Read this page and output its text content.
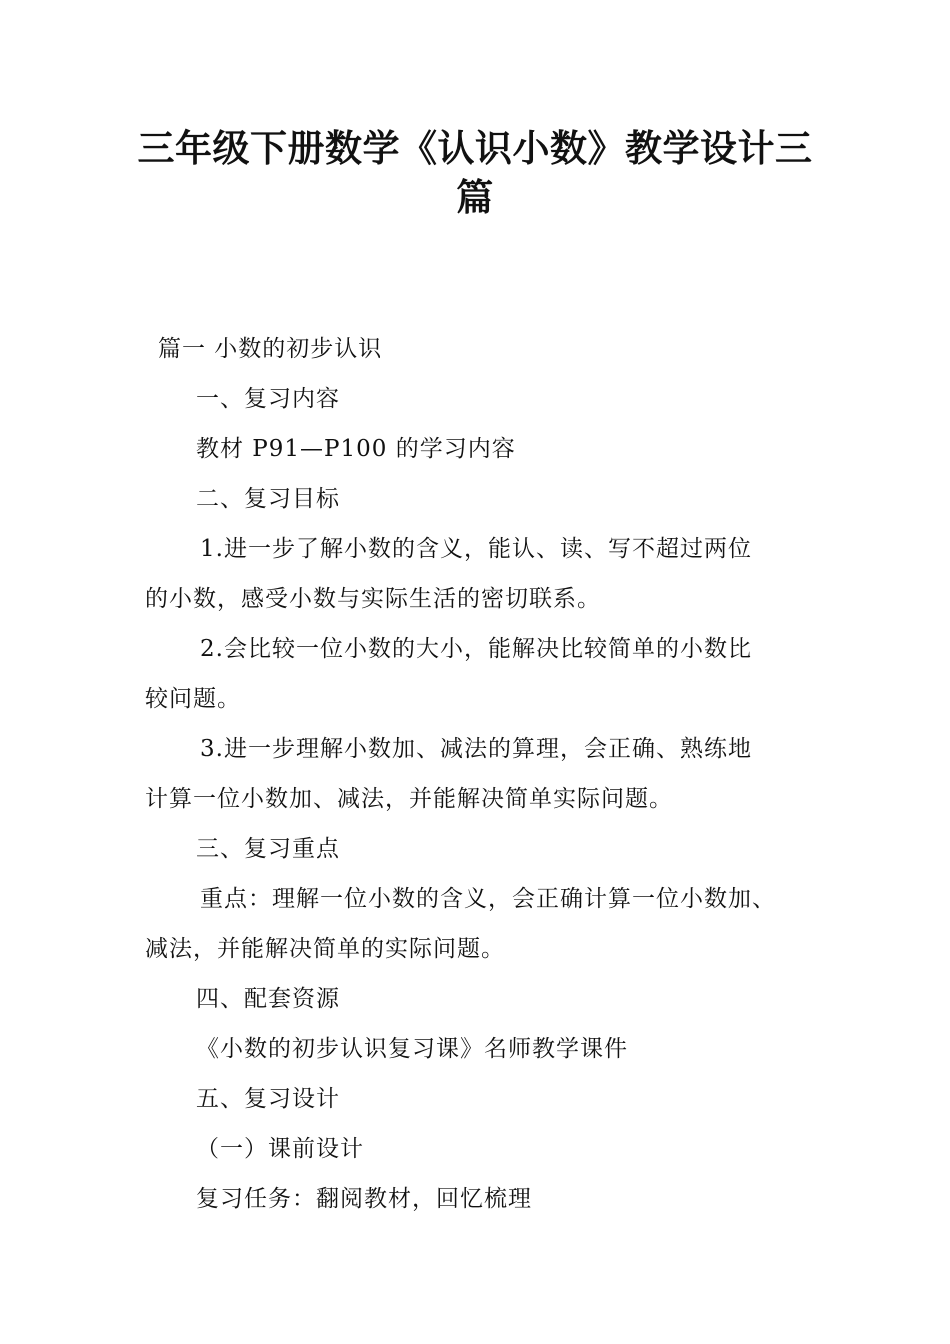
三年级下册数学《认识小数》教学设计三
篇

篇一 小数的初步认识

一、复习内容

教材 P91—P100 的学习内容

二、复习目标

1.进一步了解小数的含义，能认、读、写不超过两位

的小数，感受小数与实际生活的密切联系。

2.会比较一位小数的大小，能解决比较简单的小数比

较问题。

3.进一步理解小数加、减法的算理，会正确、熟练地

计算一位小数加、减法，并能解决简单实际问题。

三、复习重点

重点：理解一位小数的含义，会正确计算一位小数加、

减法，并能解决简单的实际问题。

四、配套资源

《小数的初步认识复习课》名师教学课件

五、复习设计

（一）课前设计

复习任务：翻阅教材，回忆梳理
